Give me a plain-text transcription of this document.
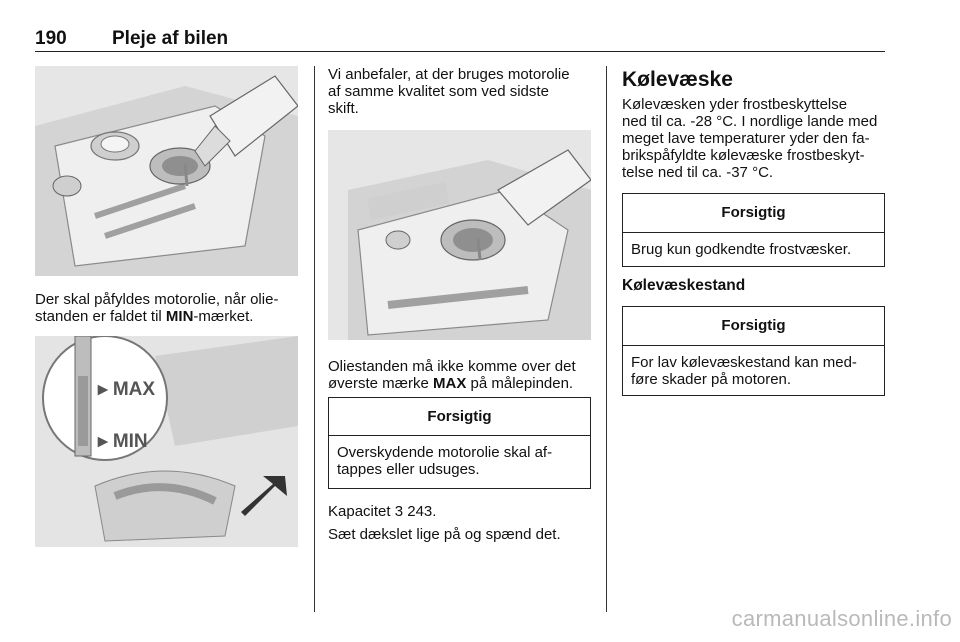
190 Pleje af bilen

Der skal påfyldes motorolie, når olie-

standen er faldet til MIN-mærket.

▸ MAX
▸ MIN

Vi anbefaler, at der bruges motorolie

af samme kvalitet som ved sidste

skift.

Oliestanden må ikke komme over det

øverste mærke MAX på målepinden.

Forsigtig
Overskydende motorolie skal af-
tappes eller udsuges.
Kapacitet 3 243.
Sæt dækslet lige på og spænd det.
Kølevæske

Kølevæsken yder frostbeskyttelse

ned til ca. -28 °C. I nordlige lande med

meget lave temperaturer yder den fa-

brikspåfyldte kølevæske frostbeskyt-

telse ned til ca. -37 °C.

Forsigtig
Brug kun godkendte frostvæsker.
Kølevæskestand
Forsigtig
For lav kølevæskestand kan med-
føre skader på motoren.
carmanualsonline.info
